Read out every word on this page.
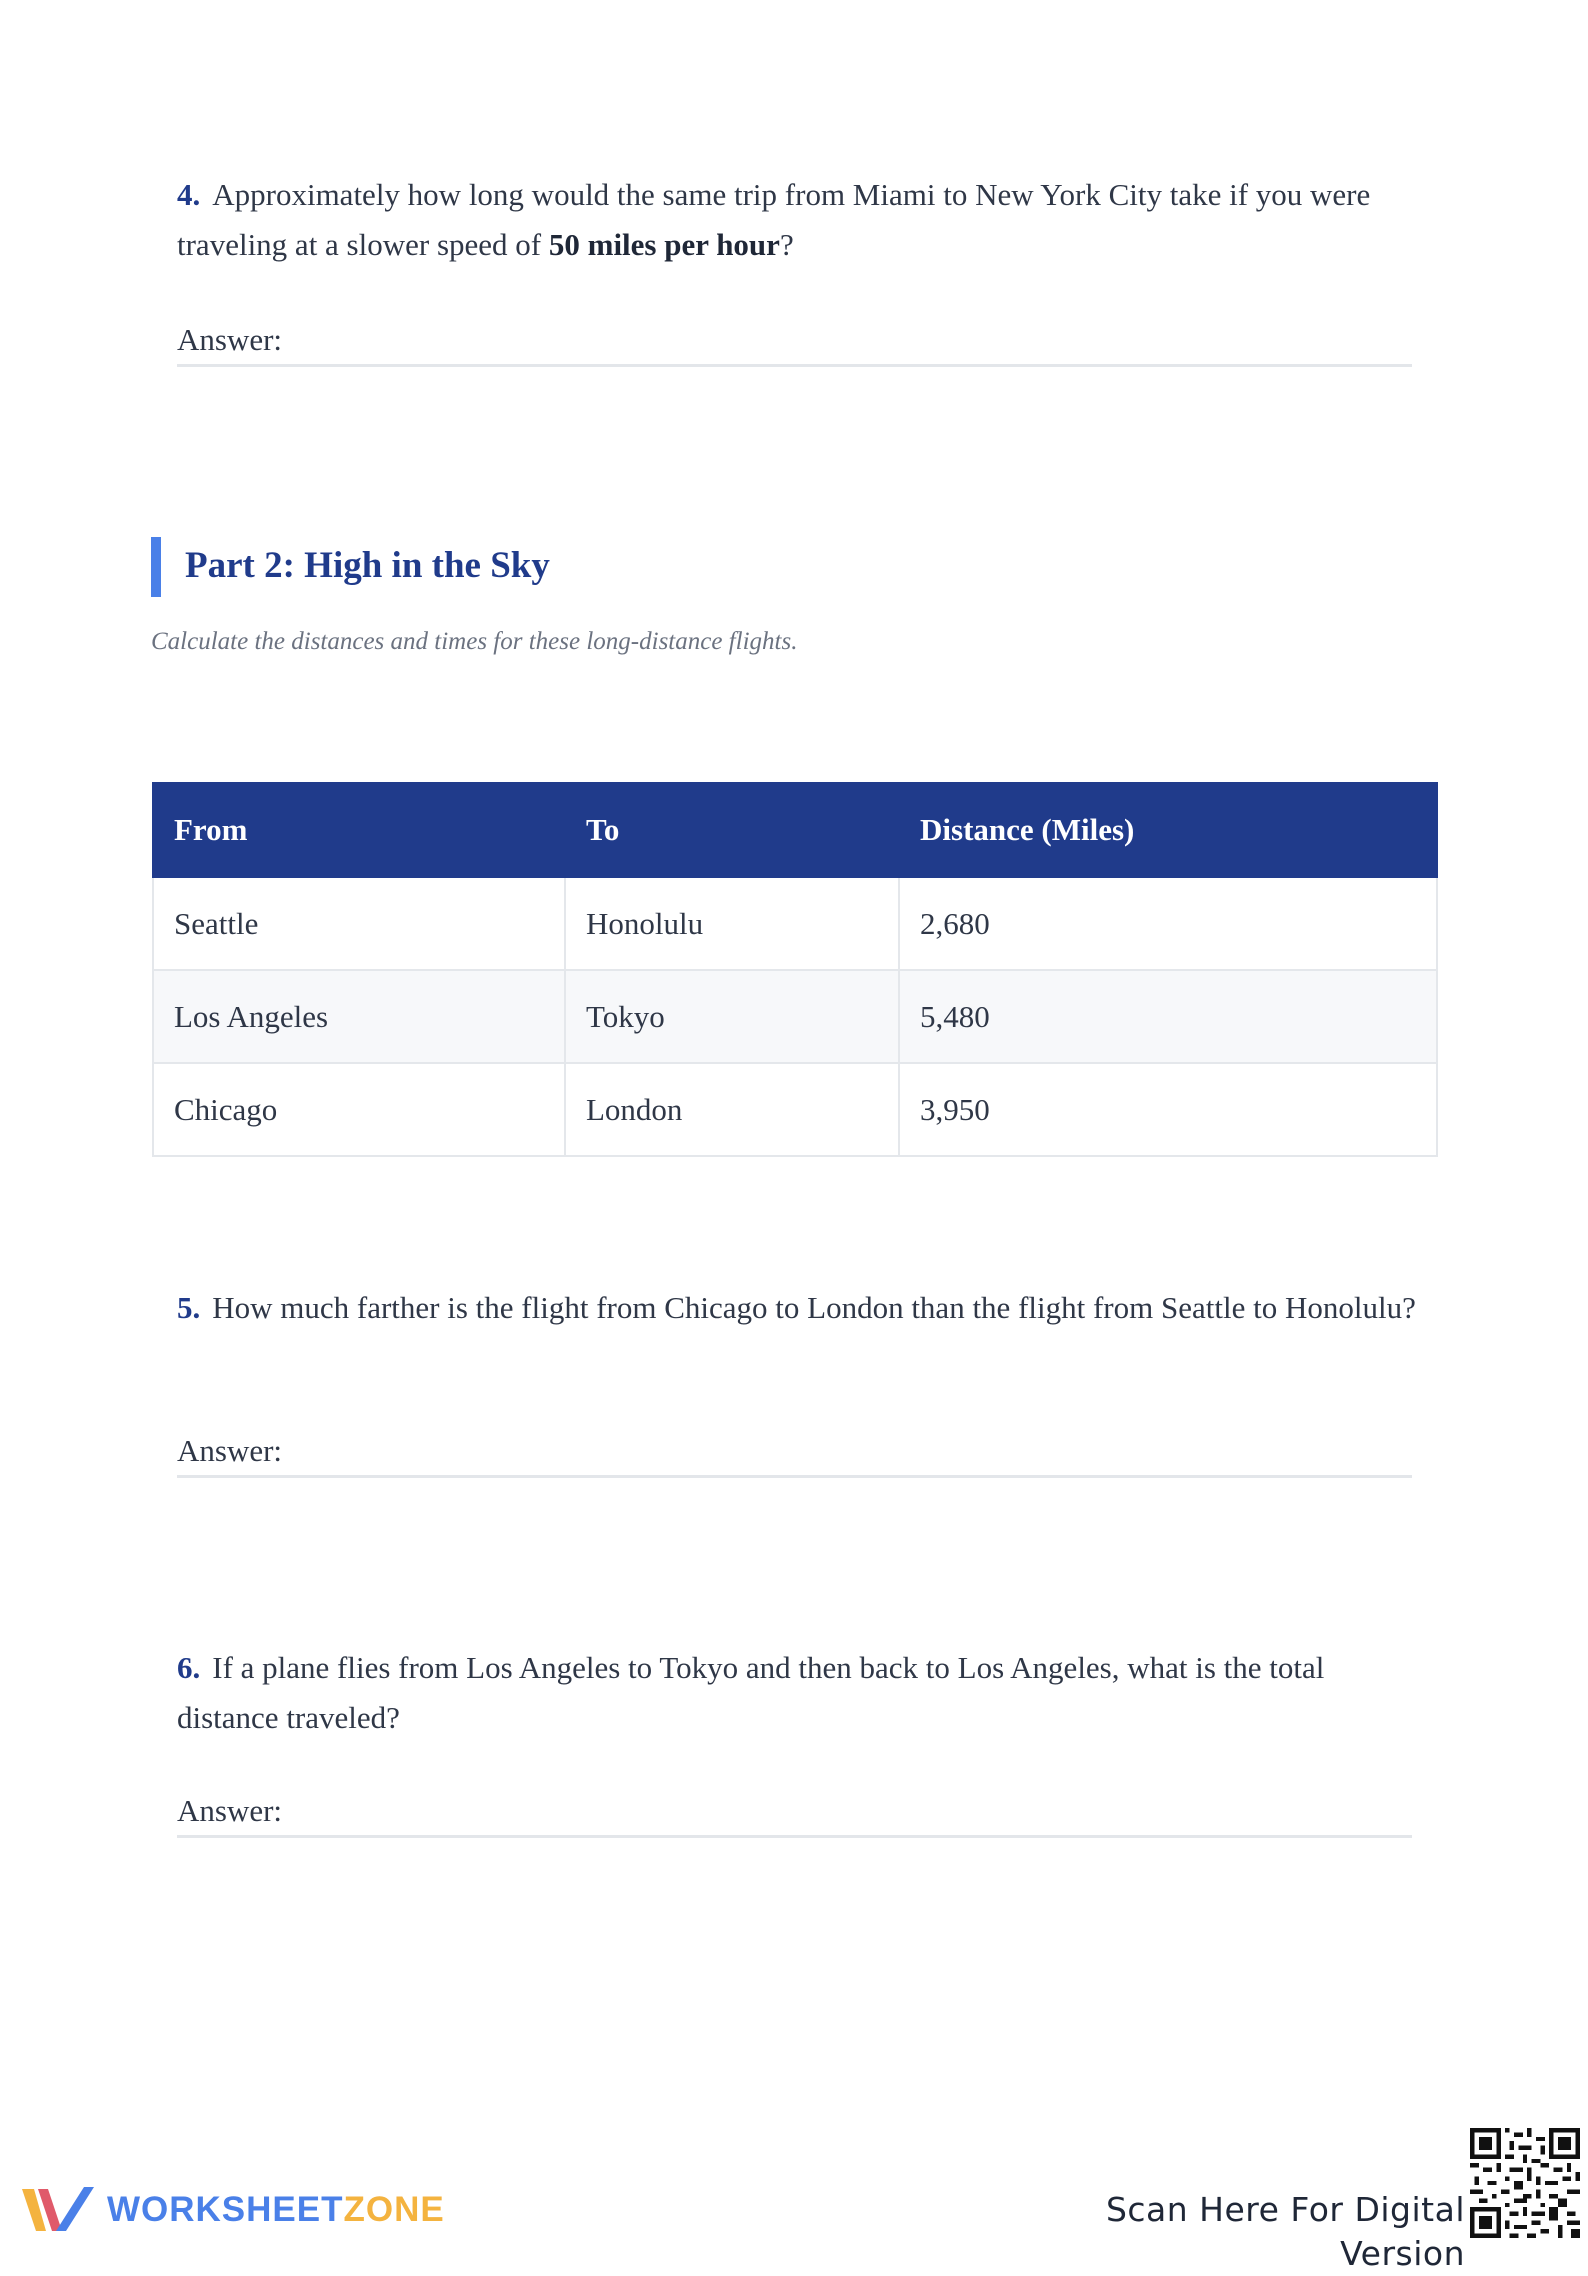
4. Approximately how long would the same trip from Miami to New York City take if you were traveling at a slower speed of 50 miles per hour?
Answer:
Part 2: High in the Sky
Calculate the distances and times for these long-distance flights.
From	To	Distance (Miles)
Seattle	Honolulu	2,680
Los Angeles	Tokyo	5,480
Chicago	London	3,950
5. How much farther is the flight from Chicago to London than the flight from Seattle to Honolulu?
Answer:
6. If a plane flies from Los Angeles to Tokyo and then back to Los Angeles, what is the total distance traveled?
Answer:
WORKSHEETZONE	Scan Here For Digital Version
